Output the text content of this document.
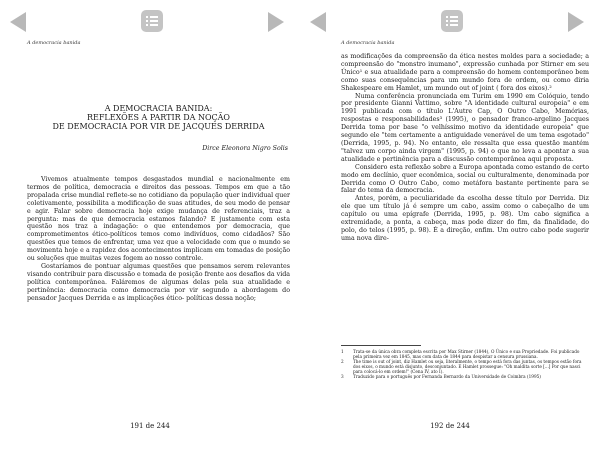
A democracia banida
A DEMOCRACIA BANIDA:
REFLEXÕES A PARTIR DA NOÇÃO
DE DEMOCRACIA POR VIR DE JACQUES DERRIDA
Dirce Eleonora Nigro Solis

Vivemos atualmente tempos desgastados mundial e nacionalmente em termos de política, democracia e direitos das pessoas. Tempos em que a tão propalada crise mundial reflete-se no cotidiano da população quer individual quer coletivamente, possibilita a modificação de suas atitudes, de seu modo de pensar e agir. Falar sobre democracia hoje exige mudança de referenciais, traz a pergunta: mas de que democracia estamos falando? E justamente com esta questão nos traz a indagação: o que entendemos por democracia, que comprometimentos ético-políticos temos como indivíduos, como cidadãos? São questões que temos de enfrentar, uma vez que a velocidade com que o mundo se movimenta hoje e a rapidez dos acontecimentos implicam em tomadas de posição ou soluções que muitas vezes fogem ao nosso controle.

Gostaríamos de pontuar algumas questões que pensamos serem relevantes visando contribuir para discussão e tomada de posição frente aos desafios da vida política contemporânea. Faláremos de algumas delas pela sua atualidade e pertinência: democracia como democracia por vir segundo a abordagem do pensador Jacques Derrida e as implicações ético- políticas dessa noção;

191 de 244
A democracia banida

as modificações da compreensão da ética nestes moldes para a sociedade; a compreensão do "monstro inumano", expressão cunhada por Stirner em seu Único¹ e sua atualidade para a compreensão do homem contemporâneo bem como suas consequências para um mundo fora de ordem, ou como diria Shakespeare em Hamlet, um mundo out of joint ( fora dos eixos).²

Numa conferência pronunciada em Turim em 1990 em Colóquio, tendo por presidente Gianni Vattimo, sobre "A identidade cultural europeia" e em 1991 publicada com o título L'Autre Cap, O Outro Cabo, Memórias, respostas e responsabilidades³ (1995), o pensador franco-argelino Jacques Derrida toma por base "o velhíssimo motivo da identidade europeia" que segundo ele "tem certamente a antiguidade venerável de um tema esgotado" (Derrida, 1995, p. 94). No entanto, ele ressalta que essa questão mantém "talvez um corpo ainda virgem" (1995, p. 94) o que no leva a apontar a sua atualidade e pertinência para a discussão contemporânea aqui proposta.

Considero esta reflexão sobre a Europa apontada como estando de certo modo em declínio, quer econômica, social ou culturalmente, denominada por Derrida como O Outro Cabo, como metáfora bastante pertinente para se falar do tema da democracia.

Antes, porém, a peculiaridade da escolha desse título por Derrida. Diz ele que um título já é sempre um cabo, assim como o cabeçalho de um capítulo ou uma epígrafe (Derrida, 1995, p. 98). Um cabo significa a extremidade, a ponta, a cabeça, mas pode dizer do fim, da finalidade, do polo, do telos (1995, p. 98). É a direção, enfim. Um outro cabo pode sugerir uma nova dire-

1	Trata-se da única obra completa escrita por Max Stirner (1844), O Único e sua Propriedade. Foi publicado pela primeira vez em 1845, mas com data de 1844 para despistar a censura prussiana.
2	The time is out of joint, diz Hamlet ou seja, literalmente, o tempo está fora das juntas, os tempos estão fora dos eixos, o mundo está disjunto, desconjuntado. E Hamlet prossegue: "Oh maldita sorte [...] Por que nasci para colocá-lo em ordem!" (Cena IV, ato I).
3	Traduzido para o português por Fernanda Bernardo da Universidade de Coimbra (1995)
192 de 244
